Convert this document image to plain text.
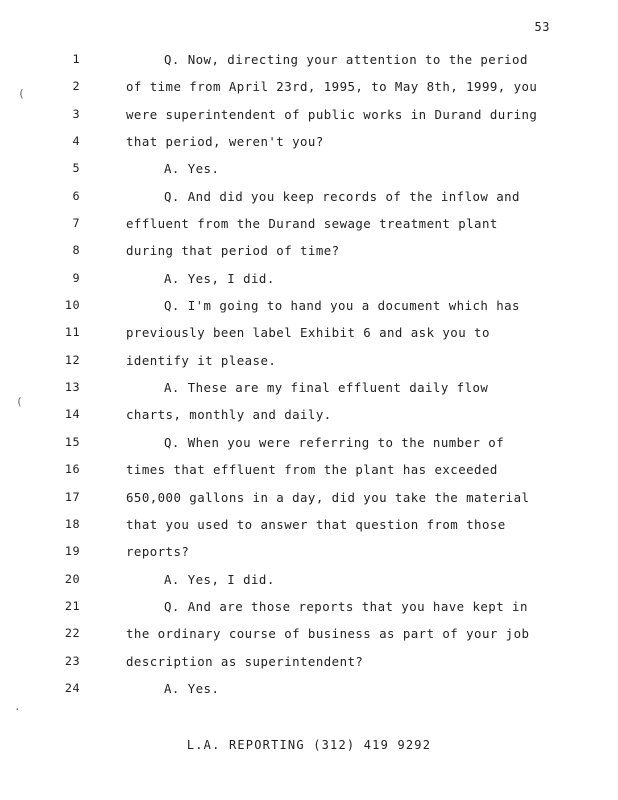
53
(
(
·
1	Q. Now, directing your attention to the period
2	of time from April 23rd, 1995, to May 8th, 1999, you
3	were superintendent of public works in Durand during
4	that period, weren't you?
5	A. Yes.
6	Q. And did you keep records of the inflow and
7	effluent from the Durand sewage treatment plant
8	during that period of time?
9	A. Yes, I did.
10	Q. I'm going to hand you a document which has
11	previously been label Exhibit 6 and ask you to
12	identify it please.
13	A. These are my final effluent daily flow
14	charts, monthly and daily.
15	Q. When you were referring to the number of
16	times that effluent from the plant has exceeded
17	650,000 gallons in a day, did you take the material
18	that you used to answer that question from those
19	reports?
20	A. Yes, I did.
21	Q. And are those reports that you have kept in
22	the ordinary course of business as part of your job
23	description as superintendent?
24	A. Yes.
L.A. REPORTING (312) 419 9292
